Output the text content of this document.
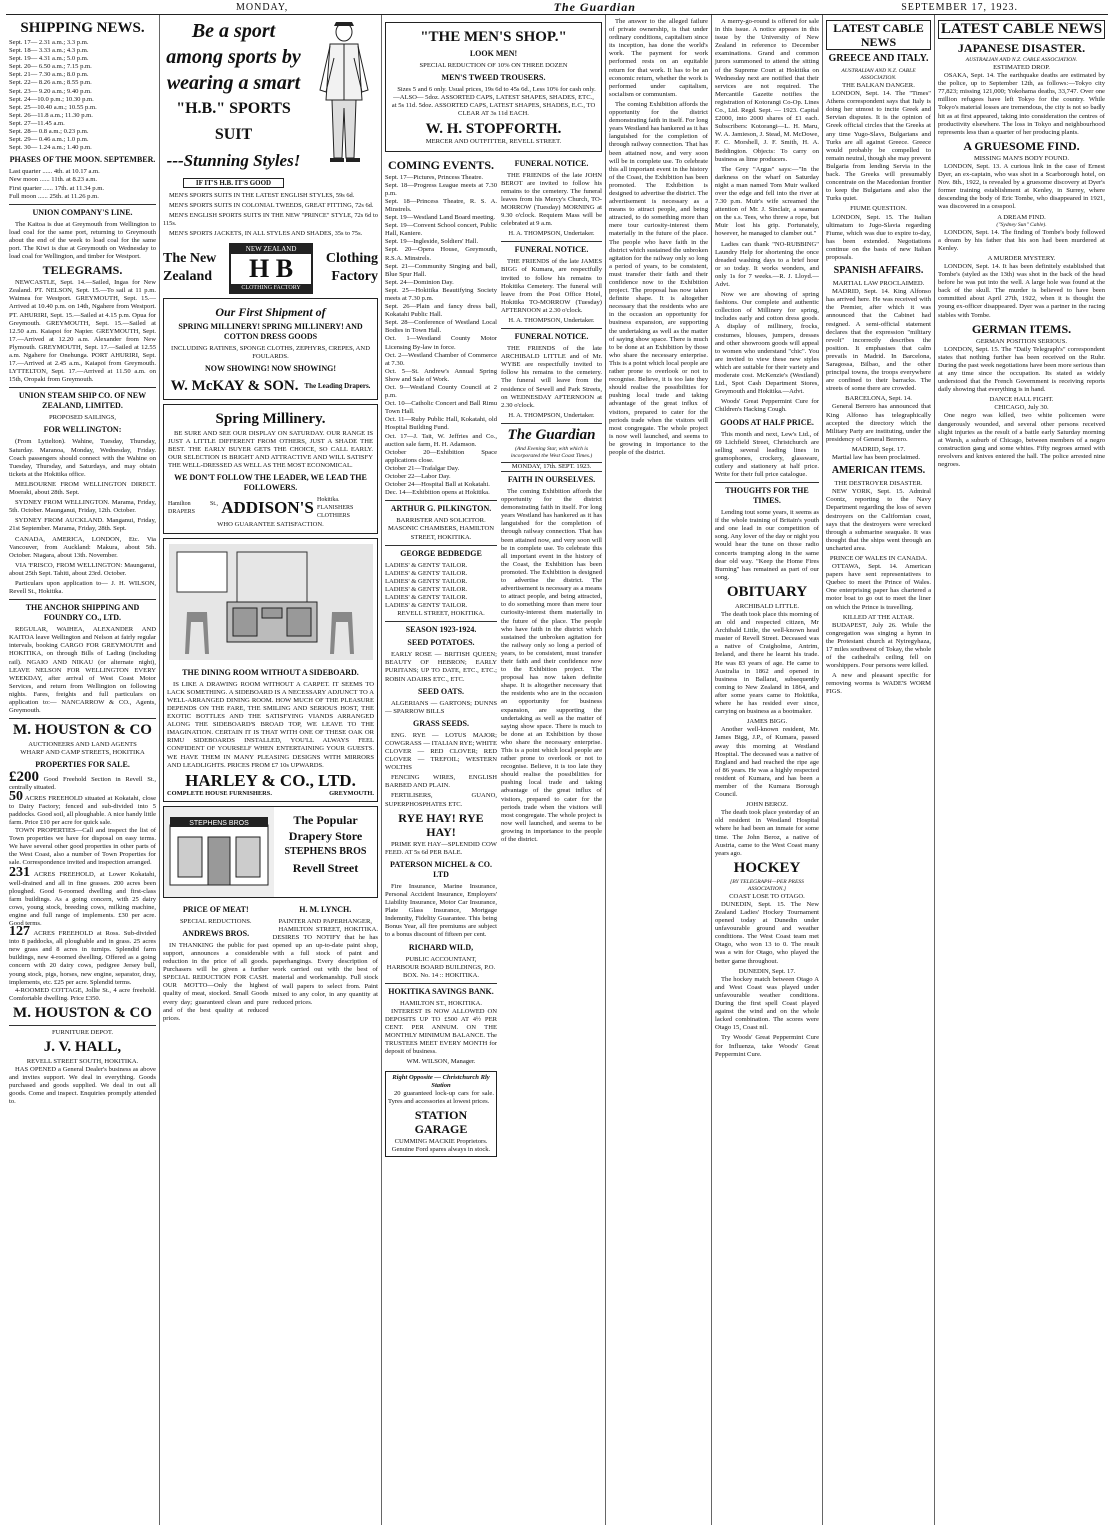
MONDAY,	The Guardian	SEPTEMBER 17, 1923.
SHIPPING NEWS.
Sept. 17— 2.31 a.m.; 3.3 p.m.
Sept. 18— 3.33 a.m.; 4.3 p.m.
Sept. 19— 4.31 a.m.; 5.0 p.m.
Sept. 20— 6.50 a.m.; 7.15 p.m.
Sept. 21— 7.30 a.m.; 8.0 p.m.
Sept. 22— 8.26 a.m.; 8.55 p.m.
Sept. 23— 9.20 a.m.; 9.40 p.m.
Sept. 24—10.0 p.m.; 10.30 p.m.
Sept. 25—10.40 a.m.; 10.55 p.m.
Sept. 26—11.8 a.m.; 11.30 p.m.
Sept. 27—11.45 a.m.
Sept. 28— 0.8 a.m.; 0.23 p.m.
Sept. 29— 0.46 a.m.; 1.0 p.m.
Sept. 30— 1.24 a.m.; 1.40 p.m.
PHASES OF THE MOON. SEPTEMBER.
Last quarter ...... 4th. at 10.17 a.m.
New moon ...... 11th. at 8.23 a.m.
First quarter ...... 17th. at 11.34 p.m.
Full moon ...... 25th. at 11.26 p.m.
UNION COMPANY'S LINE.

The Kaitoa is due at Greymouth from Wellington to load coal for the same port, returning to Greymouth about the end of the week to load coal for the same port. The Kiwi is due at Greymouth on Wednesday to load coal for Wellington, and timber for Westport.

TELEGRAMS.

NEWCASTLE, Sept. 14.—Sailed, Ingas for New Zealand. PT. NELSON, Sept. 15.—To sail at 11 p.m. Waimea for Westport. GREYMOUTH, Sept. 15.—Arrived at 10.40 p.m. on 14th, Ngahere from Westport. PT. AHURIRI, Sept. 15.—Sailed at 4.15 p.m. Opua for Greymouth. GREYMOUTH, Sept. 15.—Sailed at 12.50 a.m. Kaiapoi for Napier. GREYMOUTH, Sept. 17.—Arrived at 12.20 a.m. Alexander from New Plymouth. GREYMOUTH, Sept. 17.—Sailed at 12.55 a.m. Ngahere for Onehunga. PORT AHURIRI, Sept. 17.—Arrived at 2.45 a.m., Kaiapoi from Greymouth. LYTTELTON, Sept. 17.—Arrived at 11.50 a.m. on 15th, Oropaki from Greymouth.

UNION STEAM SHIP CO. OF NEW ZEALAND, LIMITED.
PROPOSED SAILINGS,
FOR WELLINGTON:

(From Lyttelton). Wahine, Tuesday, Thursday, Saturday. Maranoa, Monday, Wednesday, Friday. Coach passengers should connect with the Wahine on Tuesday, Thursday, and Saturdays, and may obtain tickets at the Hokitika office.

MELBOURNE FROM WELLINGTON DIRECT. Moeraki, about 28th. Sept.

SYDNEY FROM WELLINGTON. Marama, Friday, 5th. October. Maunganui, Friday, 12th. October.

SYDNEY FROM AUCKLAND. Manganui, Friday, 21st September. Marama, Friday, 28th. Sept.

CANADA, AMERICA, LONDON, Etc. Via Vancouver, from Auckland: Makura, about 5th. October. Niagara, about 13th. November.

VIA 'FRISCO, FROM WELLINGTON: Maunganui, about 25th Sept. Tahiti, about 23rd. October.

Particulars upon application to— J. H. WILSON, Revell St., Hokitika.

THE ANCHOR SHIPPING AND FOUNDRY CO., LTD.

REGULAR, WAIHEA, ALEXANDER AND KAITOA leave Wellington and Nelson at fairly regular intervals, booking CARGO FOR GREYMOUTH and HOKITIKA, on through Bills of Lading (including rail). NGAIO AND NIKAU (or alternate night), LEAVE NELSON FOR WELLINGTON EVERY WEEKDAY, after arrival of West Coast Motor Services, and return from Wellington on following nights. Fares, freights and full particulars on application to:— NANCARROW & CO., Agents, Greymouth.

M. HOUSTON & CO
AUCTIONEERS AND LAND AGENTS
WHARF AND CAMP STREETS, HOKITIKA
PROPERTIES FOR SALE.
£200 Good Freehold Section in Revell St., centrally situated.
50 ACRES FREEHOLD situated at Kokatahi, close to Dairy Factory; fenced and sub-divided into 5 paddocks. Good soil, all ploughable. A nice handy little farm. Price £10 per acre for quick sale.

TOWN PROPERTIES—Call and inspect the list of Town properties we have for disposal on easy terms. We have several other good properties in other parts of the West Coast, also a number of Town Properties for sale. Correspondence invited and inspection arranged.

231 ACRES FREEHOLD, at Lower Kokatahi, well-drained and all in fine grasses. 200 acres been ploughed. Good 6-roomed dwelling and first-class farm buildings. As a going concern, with 25 dairy cows, young stock, breeding cows, milking machine, engine and full range of implements. £30 per acre. Good terms.
127 ACRES FREEHOLD at Ross. Sub-divided into 8 paddocks, all ploughable and in grass. 25 acres new grass and 8 acres in turnips. Splendid farm buildings, new 4-roomed dwelling. Offered as a going concern with 20 dairy cows, pedigree Jersey bull, young stock, pigs, horses, new engine, separator, dray, implements, etc. £25 per acre. Splendid terms.

4-ROOMED COTTAGE, Jollie St., 4 acre freehold. Comfortable dwelling. Price £350.

M. HOUSTON & CO
FURNITURE DEPOT.
J. V. HALL,
REVELL STREET SOUTH, HOKITIKA.

HAS OPENED a General Dealer's business as above and invites support. We deal in everything. Goods purchased and goods supplied. We deal in out all goods. Come and inspect. Enquiries promptly attended to.

Be a sport
among sports by
wearing a smart
"H.B." SPORTS SUIT
---Stunning Styles!
IF IT'S H.B. IT'S GOOD

MEN'S SPORTS SUITS IN THE LATEST ENGLISH STYLES, 59s 6d.

MEN'S SPORTS SUITS IN COLONIAL TWEEDS, GREAT FITTING, 72s 6d.

MEN'S ENGLISH SPORTS SUITS IN THE NEW "PRINCE" STYLE, 72s 6d to 115s.

MEN'S SPORTS JACKETS, IN ALL STYLES AND SHADES, 35s to 75s.

The New
Zealand
NEW ZEALAND
H B
CLOTHING FACTORY
Clothing
Factory
Our First Shipment of
SPRING MILLINERY! SPRING MILLINERY! AND COTTON DRESS GOODS
INCLUDING RATINES, SPONGE CLOTHS, ZEPHYRS, CREPES, AND FOULARDS.
NOW SHOWING! NOW SHOWING!
W. McKAY & SON. The Leading Drapers.
Spring Millinery.

BE SURE AND SEE OUR DISPLAY ON SATURDAY. OUR RANGE IS JUST A LITTLE DIFFERENT FROM OTHERS, JUST A SHADE THE BEST. THE EARLY BUYER GETS THE CHOICE, SO CALL EARLY. OUR SELECTION IS BRIGHT AND ATTRACTIVE AND WILL SATISFY THE WELL-DRESSED AS WELL AS THE MOST ECONOMICAL.

WE DON'T FOLLOW THE LEADER, WE LEAD THE FOLLOWERS.
Hamilton St., DRAPERS	ADDISON'S Hokitika. FLANISHERS CLOTHIERS
WHO GUARANTEE SATISFACTION.
THE DINING ROOM WITHOUT A SIDEBOARD.

IS LIKE A DRAWING ROOM WITHOUT A CARPET. IT SEEMS TO LACK SOMETHING. A SIDEBOARD IS A NECESSARY ADJUNCT TO A WELL-ARRANGED DINING ROOM. HOW MUCH OF THE PLEASURE DEPENDS ON THE FARE, THE SMILING AND SERIOUS HOST, THE EXOTIC BOTTLES AND THE SATISFYING VIANDS ARRANGED ALONG THE SIDEBOARD'S BROAD TOP, WE LEAVE TO THE IMAGINATION. CERTAIN IT IS THAT WITH ONE OF THESE OAK OR RIMU SIDEBOARDS INSTALLED, YOU'LL ALWAYS FEEL CONFIDENT OF YOURSELF WHEN ENTERTAINING YOUR GUESTS. WE HAVE THEM IN MANY PLEASING DESIGNS WITH MIRRORS AND LEADLIGHTS. PRICES FROM £7 10s UPWARDS.

HARLEY & CO., LTD.
COMPLETE HOUSE FURNISHERS.	GREYMOUTH.
STEPHENS BROS	The Popular
Drapery Store
STEPHENS BROS
Revell Street
PRICE OF MEAT!
SPECIAL REDUCTIONS.
ANDREWS BROS.

IN THANKING the public for past support, announces a considerable reduction in the price of all goods. Purchasers will be given a further SPECIAL REDUCTION FOR CASH. OUR MOTTO—Only the highest quality of meat, stocked. Small Goods every day; guaranteed clean and pure and of the best quality at reduced prices.

H. M. LYNCH.
PAINTER AND PAPERHANGER,

HAMILTON STREET, HOKITIKA. DESIRES TO NOTIFY that he has opened up an up-to-date paint shop, with a full stock of paint and paperhangings. Every description of work carried out with the best of material and workmanship. Full stock of wall papers to select from. Paint mixed to any color, in any quantity at reduced prices.

"THE MEN'S SHOP."
LOOK MEN!
SPECIAL REDUCTION OF 10% ON THREE DOZEN
MEN'S TWEED TROUSERS.

Sizes 5 and 6 only. Usual prices, 19s 6d to 45s 6d., Less 10% for cash only. —ALSO— 5doz. ASSORTED CAPS, LATEST SHAPES, SHADES, ETC., at 5s 11d. 5doz. ASSORTED CAPS, LATEST SHAPES, SHADES, E.C., TO CLEAR AT 3s 11d EACH.

W. H. STOPFORTH.
MERCER AND OUTFITTER, REVELL STREET.
COMING EVENTS.
Sept. 17—Pictures, Princess Theatre.
Sept. 18—Progress League meets at 7.30 p.m.
Sept. 18—Princess Theatre, R. S. A. Minstrels.
Sept. 19—Westland Land Board meeting.
Sept. 19—Convent School concert, Public Hall, Kaniere.
Sept. 19—Ingleside, Soldiers' Hall.
Sept. 20—Opera House, Greymouth, R.S.A. Minstrels.
Sept. 21—Community Singing and ball, Blue Spur Hall.
Sept. 24—Dominion Day.
Sept. 25—Hokitika Beautifying Society meets at 7.30 p.m.
Sept. 26—Plain and fancy dress ball, Kokatahi Public Hall.
Sept. 28—Conference of Westland Local Bodies in Town Hall.
Oct. 1—Westland County Motor Licensing By-law in force.
Oct. 2—Westland Chamber of Commerce at 7.30.
Oct. 5—St. Andrew's Annual Spring Show and Sale of Work.
Oct. 9—Westland County Council at 2 p.m.
Oct. 10—Catholic Concert and Ball Rimu Town Hall.
Oct. 11—Ruby Public Hall, Kokatahi, old Hospital Building Fund.
Oct. 17—J. Tait, W. Jeffries and Co., auction sale farm, H. H. Adamson.
October 20—Exhibition Space applications close.
October 21—Trafalgar Day.
October 22—Labor Day.
October 24—Hospital Ball at Kokatahi.
Dec. 14—Exhibition opens at Hokitika.
ARTHUR G. PILKINGTON.
BARRISTER AND SOLICITOR.
MASONIC CHAMBERS, HAMILTON STREET, HOKITIKA.
GEORGE BEDBEDGE
LADIES' & GENTS' TAILOR.
LADIES' & GENTS' TAILOR.
LADIES' & GENTS' TAILOR.
LADIES' & GENTS' TAILOR.
LADIES' & GENTS' TAILOR.
LADIES' & GENTS' TAILOR.
REVELL STREET, HOKITIKA.
SEASON 1923-1924.
SEED POTATOES.

EARLY ROSE — BRITISH QUEEN; BEAUTY OF HEBRON; EARLY PURITANS; UP TO DATE, ETC., ETC.; ROBIN ADAIRS ETC., ETC.

SEED OATS.

ALGERIANS — GARTONS; DUNNS — SPARROW BILLS

GRASS SEEDS.

ENG. RYE — LOTUS MAJOR; COWGRASS — ITALIAN RYE; WHITE CLOVER — RED CLOVER; RED CLOVER — TREFOIL; WESTERN WOLTHS

FENCING WIRES, ENGLISH BARBED AND PLAIN.

FERTILISERS, GUANO, SUPERPHOSPHATES ETC.

RYE HAY! RYE HAY!

PRIME RYE HAY—SPLENDID COW FEED. AT 5s 6d PER BALE.

PATERSON MICHEL & CO. LTD

Fire Insurance, Marine Insurance, Personal Accident Insurance, Employers' Liability Insurance, Motor Car Insurance, Plate Glass Insurance, Mortgage Indemnity, Fidelity Guarantee. This being Bonus Year, all fire premiums are subject to a bonus discount of fifteen per cent.

RICHARD WILD,
PUBLIC ACCOUNTANT,
HARBOUR BOARD BUILDINGS, P.O. BOX. No. 14 :: HOKITIKA.
HOKITIKA SAVINGS BANK.
HAMILTON ST., HOKITIKA.

INTEREST IS NOW ALLOWED ON DEPOSITS UP TO £500 AT 4½ PER CENT. PER ANNUM. ON THE MONTHLY MINIMUM BALANCE. The TRUSTEES MEET EVERY MONTH for deposit of business.

WM. WILSON, Manager.
Right Opposite — Christchurch Rly Station

20 guaranteed lock-up cars for sale. Tyres and accessories at lowest prices.

STATION GARAGE
CUMMING MACKIE Proprietors. Genuine Ford spares always in stock.
FUNERAL NOTICE.

THE FRIENDS of the late JOHN BEROT are invited to follow his remains to the cemetery. The funeral leaves from his Mercy's Church, TO-MORROW (Tuesday) MORNING at 9.30 o'clock. Requiem Mass will be celebrated at 9 a.m.

H. A. THOMPSON, Undertaker.
FUNERAL NOTICE.

THE FRIENDS of the late JAMES BIGG of Kumara, are respectfully invited to follow his remains to Hokitika Cemetery. The funeral will leave from the Post Office Hotel, Hokitika TO-MORROW (Tuesday) AFTERNOON at 2.30 o'clock.

H. A. THOMPSON, Undertaker.
FUNERAL NOTICE.

THE FRIENDS of the late ARCHIBALD LITTLE and of Mr. WYBE are respectfully invited to follow his remains to the cemetery. The funeral will leave from the residence of Sewell and Park Streets, on WEDNESDAY AFTERNOON at 2.30 o'clock.

H. A. THOMPSON, Undertaker.
The Guardian
(And Evening Star, with which is incorporated the West Coast Times.)
MONDAY, 17th. SEPT. 1923.
FAITH IN OURSELVES.

The coming Exhibition affords the opportunity for the district demonstrating faith in itself. For long years Westland has hankered as it has languished for the completion of through railway connection. That has been attained now, and very soon will be in complete use. To celebrate this all important event in the history of the Coast, the Exhibition has been promoted. The Exhibition is designed to advertise the district. The advertisement is necessary as a means to attract people, and being attracted, to do something more than mere tour curiosity-interest them materially in the future of the place. The people who have faith in the district which sustained the unbroken agitation for the railway only so long a period of years, to be consistent, must transfer their faith and their confidence now to the Exhibition project. The proposal has now taken definite shape. It is altogether necessary that the residents who are in the occasion an opportunity for business expansion, are supporting the undertaking as well as the matter of saying show space. There is much to be done at an Exhibition by those who share the necessary enterprise. This is a point which local people are rather prone to overlook or not to recognise. Believe, it is too late they should realise the possibilities for pushing local trade and taking advantage of the great influx of visitors, prepared to cater for the periods trade when the visitors will most congregate. The whole project is now well launched, and seems to be growing in importance to the people of the district.

The answer to the alleged failure of private ownership, is that under ordinary conditions, capitalism since its inception, has done the world's work. The payment for work performed rests on an equitable return for that work. It has to be an economic return, whether the work is performed under capitalism, socialism or communism.

The coming Exhibition affords the opportunity for the district demonstrating faith in itself. For long years Westland has hankered as it has languished for the completion of through railway connection. That has been attained now, and very soon will be in complete use. To celebrate this all important event in the history of the Coast, the Exhibition has been promoted. The Exhibition is designed to advertise the district. The advertisement is necessary as a means to attract people, and being attracted, to do something more than mere tour curiosity-interest them materially in the future of the place. The people who have faith in the district which sustained the unbroken agitation for the railway only so long a period of years, to be consistent, must transfer their faith and their confidence now to the Exhibition project. The proposal has now taken definite shape. It is altogether necessary that the residents who are in the occasion an opportunity for business expansion, are supporting the undertaking as well as the matter of saying show space. There is much to be done at an Exhibition by those who share the necessary enterprise. This is a point which local people are rather prone to overlook or not to recognise. Believe, it is too late they should realise the possibilities for pushing local trade and taking advantage of the great influx of visitors, prepared to cater for the periods trade when the visitors will most congregate. The whole project is now well launched, and seems to be growing in importance to the people of the district.

A merry-go-round is offered for sale in this issue. A notice appears in this issue by the University of New Zealand in reference to December examinations. Grand and common jurors summoned to attend the sitting of the Supreme Court at Hokitika on Wednesday next are notified that their services are not required. The Mercantile Gazette notifies the registration of Kotorangi Co-Op. Lines Co., Ltd. Regd. Sept. — 1923. Capital £2000, into 2000 shares of £1 each. Subscribers: Kotorangi—L. H. Maru, W. A. Jamieson, J. Stead, M. McDowe, F. C. Morshell, J. F. Smith, H. A. Beddington. Objects: To carry on business as lime producers.

The Grey "Argus" says:—"In the darkness on the wharf on Saturday night a man named Tom Muir walked over the edge and fell into the river at 7.30 p.m. Muir's wife screamed the attention of Mr. J. Sinclair, a seaman on the s.s. Tees, who threw a rope, but Muir lost his grip. Fortunately, however, he managed to clamber out."

Ladies can thank "NO-RUBBING" Laundry Help for shortening the once dreaded washing days to a brief hour or so today. It works wonders, and only 1s for 7 weeks.—R. J. Lloyd.—Advt.

Now we are showing of spring fashions. Our complete and authentic collection of Millinery for spring, includes early and cotton dress goods. A display of millinery, frocks, costumes, blouses, jumpers, dresses and other showroom goods will appeal to women who understand "chic". You are invited to view these new styles which are suitable for their variety and moderate cost. McKenzie's (Westland) Ltd., Spot Cash Department Stores, Greymouth and Hokitika.—Advt.

Woods' Great Peppermint Cure for Children's Hacking Cough.

GOODS AT HALF PRICE.

This month and next, Lew's Ltd., of 69 Lichfield Street, Christchurch are selling several leading lines in gramophones, crockery, glassware, cutlery and stationery at half price. Write for their full price catalogue.

THOUGHTS FOR THE TIMES.

Lending tout some years, it seems as if the whole training of Britain's youth and one lead in our competition of song. Any lover of the day or night you would hear the tune on those radio concerts tramping along in the same dear old way. "Keep the Home Fires Burning" has remained as part of our song.

OBITUARY
ARCHIBALD LITTLE.

The death took place this morning of an old and respected citizen, Mr Archibald Little, the well-known head master of Revell Street. Deceased was a native of Craigholme, Antrim, Ireland, and there he learnt his trade. He was 83 years of age. He came to Australia in 1862 and opened in business in Ballarat, subsequently coming to New Zealand in 1864, and after some years came to Hokitika, where he has resided ever since, carrying on business as a bootmaker.

JAMES BIGG.

Another well-known resident, Mr. James Bigg, J.P., of Kumara, passed away this morning at Westland Hospital. The deceased was a native of England and had reached the ripe age of 86 years. He was a highly respected resident of Kumara, and has been a member of the Kumara Borough Council.

JOHN BEROZ.

The death took place yesterday of an old resident in Westland Hospital where he had been an inmate for some time. The John Beroz, a native of Austria, came to the West Coast many years ago.

HOCKEY
[BY TELEGRAPH—PER PRESS ASSOCIATION.]
COAST LOSE TO OTAGO.

DUNEDIN, Sept. 15. The New Zealand Ladies' Hockey Tournament opened today at Dunedin under unfavourable ground and weather conditions. The West Coast team met Otago, who won 13 to 0. The result was a win for Otago, who played the better game throughout.

DUNEDIN, Sept. 17.

The hockey match between Otago A and West Coast was played under unfavourable weather conditions. During the first spell Coast played against the wind and on the whole lacked combination. The scores were Otago 15, Coast nil.

Try Woods' Great Peppermint Cure for Influenza, take Woods' Great Peppermint Cure.

LATEST CABLE NEWS
GREECE AND ITALY.
AUSTRALIAN AND N.Z. CABLE ASSOCIATION.
THE BALKAN DANGER.

LONDON, Sept. 14. The "Times" Athens correspondent says that Italy is doing her utmost to incite Greek and Servian disputes. It is the opinion of Greek official circles that the Greeks at any time Yugo-Slavs, Bulgarians and Turks are all against Greece. Greece would probably be compelled to remain neutral, though she may prevent Bulgaria from lending Servia in the back. The Greeks will presumably concentrate on the Macedonian frontier to keep the Bulgarians and also the Turks quiet.

FIUME QUESTION.

LONDON, Sept. 15. The Italian ultimatum to Jugo-Slavia regarding Fiume, which was due to expire to-day, has been extended. Negotiations continue on the basis of new Italian proposals.

SPANISH AFFAIRS.
MARTIAL LAW PROCLAIMED.

MADRID, Sept. 14. King Alfonso has arrived here. He was received with the Premier, after which it was announced that the Cabinet had resigned. A semi-official statement declares that the expression "military revolt" incorrectly describes the position. It emphasises that calm prevails in Madrid. In Barcelona, Saragossa, Bilbao, and the other principal towns, the troops everywhere are confined to their barracks. The streets of some there are crowded.

BARCELONA, Sept. 14.

General Berrero has announced that King Alfonso has telegraphically accepted the directory which the Military Party are instituting, under the presidency of General Berrero.

MADRID, Sept. 17.

Martial law has been proclaimed.

AMERICAN ITEMS.
THE DESTROYER DISASTER.

NEW YORK, Sept. 15. Admiral Coontz, reporting to the Navy Department regarding the loss of seven destroyers on the Californian coast, says that the destroyers were wrecked through a submarine seaquake. It was thought that the ships went through an uncharted area.

PRINCE OF WALES IN CANADA.

OTTAWA, Sept. 14. American papers have sent representatives to Quebec to meet the Prince of Wales. One enterprising paper has chartered a motor boat to go out to meet the liner on which the Prince is travelling.

KILLED AT THE ALTAR.

BUDAPEST, July 26. While the congregation was singing a hymn in the Protestant church at Nyiregyhaza, 17 miles southwest of Tokay, the whole of the cathedral's ceiling fell on worshippers. Four persons were killed.

A new and pleasant specific for removing worms is WADE'S WORM FIGS.

LATEST CABLE NEWS
JAPANESE DISASTER.
AUSTRALIAN AND N.Z. CABLE ASSOCIATION.
ESTIMATED DROP.

OSAKA, Sept. 14. The earthquake deaths are estimated by the police, up to September 12th, as follows:—Tokyo city 77,823; missing 121,000; Yokohama deaths, 33,747. Over one million refugees have left Tokyo for the country. While Tokyo's material losses are tremendous, the city is not so badly hit as at first appeared, taking into consideration the centres of productivity elsewhere. The loss in Tokyo and neighbourhood represents less than a quarter of her producing plants.

A GRUESOME FIND.
MISSING MAN'S BODY FOUND.

LONDON, Sept. 13. A curious link in the case of Ernest Dyer, an ex-captain, who was shot in a Scarborough hotel, on Nov. 8th., 1922, is revealed by a gruesome discovery at Dyer's former training establishment at Kenley, in Surrey, where descending the body of Eric Tombe, who disappeared in 1921, was discovered in a cesspool.

A DREAM FIND.
("Sydney Sun" Cable).

LONDON, Sept. 14. The finding of Tombe's body followed a dream by his father that his son had been murdered at Kenley.

A MURDER MYSTERY.

LONDON, Sept. 14. It has been definitely established that Tombe's (styled as the 13th) was shot in the back of the head before he was put into the well. A large hole was found at the back of the skull. The murder is believed to have been committed about April 27th, 1922, when it is thought the young ex-officer disappeared. Dyer was a partner in the racing stables with Tombe.

GERMAN ITEMS.
GERMAN POSITION SERIOUS.

LONDON, Sept. 15. The "Daily Telegraph's" correspondent states that nothing further has been received on the Ruhr. During the past week negotiations have been more serious than at any time since the occupation. Its stated as widely understood that the French Government is receiving reports daily showing that everything is in hand.

DANCE HALL FIGHT.
CHICAGO, July 30.

One negro was killed, two white policemen were dangerously wounded, and several other persons received slight injuries as the result of a battle early Saturday morning at Warsh, a suburb of Chicago, between members of a negro construction gang and some whites. Fifty negroes armed with revolvers and knives entered the hall. The police arrested nine negroes.
